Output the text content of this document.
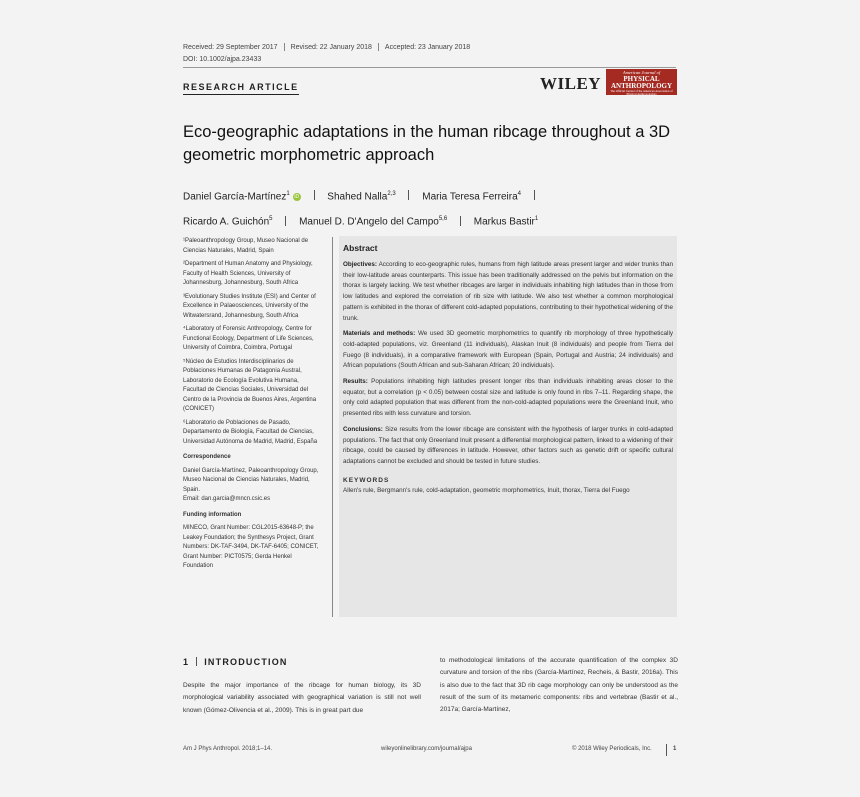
Received: 29 September 2017 Revised: 22 January 2018 Accepted: 23 January 2018
DOI: 10.1002/ajpa.23433
RESEARCH ARTICLE	WILEY
American Journal of
PHYSICAL
ANTHROPOLOGY
The Official Journal of the American Association of Physical Anthropologists
Eco-geographic adaptations in the human ribcage throughout a 3D geometric morphometric approach
Daniel García-Martínez$^1$iD	Shahed Nalla$^{2,3}$	Maria Teresa Ferreira$^4$
Ricardo A. Guichón$^5$	Manuel D. D'Angelo del Campo$^{5,6}$	Markus Bastir$^1$

¹Paleoanthropology Group, Museo Nacional de Ciencias Naturales, Madrid, Spain

²Department of Human Anatomy and Physiology, Faculty of Health Sciences, University of Johannesburg, Johannesburg, South Africa

³Evolutionary Studies Institute (ESI) and Center of Excellence in Palaeosciences, University of the Witwatersrand, Johannesburg, South Africa

⁴Laboratory of Forensic Anthropology, Centre for Functional Ecology, Department of Life Sciences, University of Coimbra, Coimbra, Portugal

⁵Núcleo de Estudios Interdisciplinarios de Poblaciones Humanas de Patagonia Austral, Laboratorio de Ecología Evolutiva Humana, Facultad de Ciencias Sociales, Universidad del Centro de la Provincia de Buenos Aires, Argentina (CONICET)

⁶Laboratorio de Poblaciones de Pasado, Departamento de Biología, Facultad de Ciencias, Universidad Autónoma de Madrid, Madrid, España

Correspondence

Daniel García-Martínez, Paleoanthropology Group, Museo Nacional de Ciencias Naturales, Madrid, Spain.

Email: dan.garcia@mncn.csic.es

Funding information

MINECO, Grant Number: CGL2015-63648-P; the Leakey Foundation; the Synthesys Project, Grant Numbers: DK-TAF-3494, DK-TAF-6405; CONICET, Grant Number: PICT0575; Gerda Henkel Foundation

Abstract

Objectives: According to eco-geographic rules, humans from high latitude areas present larger and wider trunks than their low-latitude areas counterparts. This issue has been traditionally addressed on the pelvis but information on the thorax is largely lacking. We test whether ribcages are larger in individuals inhabiting high latitudes than in those from low latitudes and explored the correlation of rib size with latitude. We also test whether a common morphological pattern is exhibited in the thorax of different cold-adapted populations, contributing to their hypothetical widening of the trunk.

Materials and methods: We used 3D geometric morphometrics to quantify rib morphology of three hypothetically cold-adapted populations, viz. Greenland (11 individuals), Alaskan Inuit (8 individuals) and people from Tierra del Fuego (8 individuals), in a comparative framework with European (Spain, Portugal and Austria; 24 individuals) and African populations (South African and sub-Saharan African; 20 individuals).

Results: Populations inhabiting high latitudes present longer ribs than individuals inhabiting areas closer to the equator, but a correlation (p < 0.05) between costal size and latitude is only found in ribs 7–11. Regarding shape, the only cold adapted population that was different from the non-cold-adapted populations were the Greenland Inuit, who presented ribs with less curvature and torsion.

Conclusions: Size results from the lower ribcage are consistent with the hypothesis of larger trunks in cold-adapted populations. The fact that only Greenland Inuit present a differential morphological pattern, linked to a widening of their ribcage, could be caused by differences in latitude. However, other factors such as genetic drift or specific cultural adaptations cannot be excluded and should be tested in future studies.

KEYWORDS
Allen's rule, Bergmann's rule, cold-adaptation, geometric morphometrics, Inuit, thorax, Tierra del Fuego
1 INTRODUCTION
Despite the major importance of the ribcage for human biology, its 3D morphological variability associated with geographical variation is still not well known (Gómez-Olivencia et al., 2009). This is in great part due
to methodological limitations of the accurate quantification of the complex 3D curvature and torsion of the ribs (García-Martínez, Recheis, & Bastir, 2016a). This is also due to the fact that 3D rib cage morphology can only be understood as the result of the sum of its metameric components: ribs and vertebrae (Bastir et al., 2017a; García-Martínez,
Am J Phys Anthropol. 2018;1–14.	wileyonlinelibrary.com/journal/ajpa	© 2018 Wiley Periodicals, Inc.	1
